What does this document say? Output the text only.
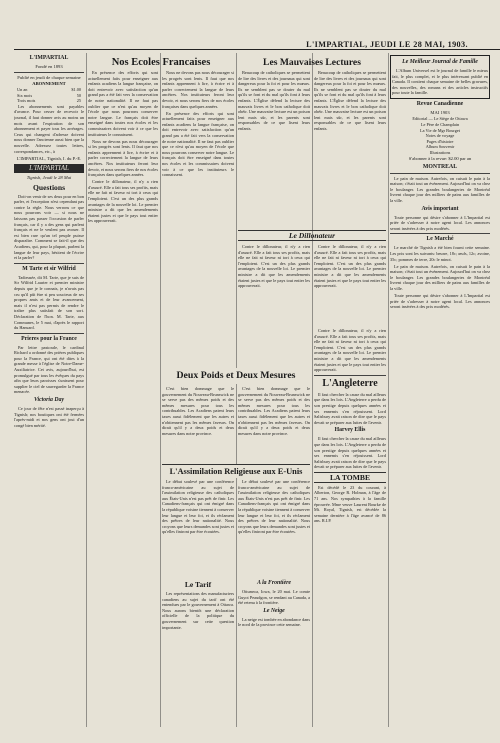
L'IMPARTIAL, JEUDI LE 28 MAI, 1903.
L'IMPARTIAL
Fondé en 1893
Publié en jeudi de chaque semaine
ABONNEMENT
Un an	$1.00
Six mois	50
Trois mois	25

Les abonnements sont payables d'avance. Pour cesser de recevoir le journal, il faut donner avis au moins un mois avant l'expiration de son abonnement et payer tous les arrérages. Ceux qui changent d'adresse doivent nous donner l'ancienne aussi bien que la nouvelle. Adressez toutes lettres, correspondances, etc., à

L'IMPARTIAL, Tignish, I. du P.-E.
L'IMPARTIAL
Tignish, Jeudi le 28 Mai
Questions

Doit-on venir de ses deux pour en bon parler, et l'exception n'est cependant pas contre la règle. Nous verrons ce que nous pourrons voir — si nous ne laissons pas passer l'occasion de parler français, car il y a des gens qui parlent français et ne le veulent pas avouer. Il est bien rare qu'un tel peuple puisse disparaître. Comment se fait-il que des Acadiens, qui, pour la plupart, parlent la langue de leur pays, hésitent de l'écrire et la parler?

M Tarte et sir Wilfrid

Tadieusée, dit M. Tarte, que je suis de Sir Wilfrid Laurier et premier ministre depuis que je le connais, je n'avais pas cru qu'il pût être si peu soucieux de ses propres amis et de leur avancement, mais il n'est pas permis de rendre le traître plus satisfait de son sort. Déclaration de l'hon. M. Tarte, aux Communes, le 5 mai, d'après le rapport du Hansard.

Prieres pour la France

Par lettre pastorale, le cardinal Richard a ordonné des prières publiques pour la France, qui ont été dites à la grande messe à l'église de Notre-Dame-Auxiliatrice. Cet avis, aujourd'hui, est promulgué par tous les évêques du pays afin que leurs paroisses s'unissent pour supplier le ciel de sauvegarder la France menacée.

Victoria Day

Ce jour de fête n'est passé inaperçu à Tignish; nos boutiques ont été fermées l'après-midi et nos gens ont joui d'un congé bien mérité.

Nos Ecoles Francaises

En présence des efforts qui sont actuellement faits pour enseigner aux enfants acadiens la langue française, on doit entrevoir avec satisfaction qu'un grand pas a été fait vers la conservation de notre nationalité. Il ne faut pas oublier que ce n'est qu'au moyen de l'école que nous pourrons conserver notre langue. Le français doit être enseigné dans toutes nos écoles et les commissaires doivent voir à ce que les instituteurs le connaissent.

Nous ne devons pas nous décourager si les progrès sont lents. Il faut que nos enfants apprennent à lire, à écrire et à parler correctement la langue de leurs ancêtres. Nos instituteurs feront leur devoir, et nous serons fiers de nos écoles françaises dans quelques années.

Contre le dillonateur, il n'y a rien d'assuré. Elle a fait tous ses profits, mais elle ne fait ni faveur ni tort à ceux qui l'emploient. C'est un des plus grands avantages de la nouvelle loi. Le premier ministre a dit que les amendements étaient justes et que le pays tout entier les approuverait.

Nous ne devons pas nous décourager si les progrès sont lents. Il faut que nos enfants apprennent à lire, à écrire et à parler correctement la langue de leurs ancêtres. Nos instituteurs feront leur devoir, et nous serons fiers de nos écoles françaises dans quelques années.

En présence des efforts qui sont actuellement faits pour enseigner aux enfants acadiens la langue française, on doit entrevoir avec satisfaction qu'un grand pas a été fait vers la conservation de notre nationalité. Il ne faut pas oublier que ce n'est qu'au moyen de l'école que nous pourrons conserver notre langue. Le français doit être enseigné dans toutes nos écoles et les commissaires doivent voir à ce que les instituteurs le connaissent.

Les Mauvaises Lectures

Beaucoup de catholiques se permettent de lire des livres et des journaux qui sont dangereux pour la foi et pour les mœurs. Ils ne semblent pas se douter du mal qu'ils se font et du mal qu'ils font à leurs enfants. L'Église défend la lecture des mauvais livres et le bon catholique doit obéir. Une mauvaise lecture est un poison lent mais sûr, et les parents sont responsables de ce que lisent leurs enfants.

Beaucoup de catholiques se permettent de lire des livres et des journaux qui sont dangereux pour la foi et pour les mœurs. Ils ne semblent pas se douter du mal qu'ils se font et du mal qu'ils font à leurs enfants. L'Église défend la lecture des mauvais livres et le bon catholique doit obéir. Une mauvaise lecture est un poison lent mais sûr, et les parents sont responsables de ce que lisent leurs enfants.

Le Dillonateur

Contre le dillonateur, il n'y a rien d'assuré. Elle a fait tous ses profits, mais elle ne fait ni faveur ni tort à ceux qui l'emploient. C'est un des plus grands avantages de la nouvelle loi. Le premier ministre a dit que les amendements étaient justes et que le pays tout entier les approuverait.

Contre le dillonateur, il n'y a rien d'assuré. Elle a fait tous ses profits, mais elle ne fait ni faveur ni tort à ceux qui l'emploient. C'est un des plus grands avantages de la nouvelle loi. Le premier ministre a dit que les amendements étaient justes et que le pays tout entier les approuverait.

Deux Poids et Deux Mesures

C'est bien dommage que le gouvernement du Nouveau-Brunswick ne se serve pas des mêmes poids et des mêmes mesures pour tous les contribuables. Les Acadiens paient leurs taxes aussi fidèlement que les autres et n'obtiennent pas les mêmes faveurs. On dirait qu'il y a deux poids et deux mesures dans notre province.

C'est bien dommage que le gouvernement du Nouveau-Brunswick ne se serve pas des mêmes poids et des mêmes mesures pour tous les contribuables. Les Acadiens paient leurs taxes aussi fidèlement que les autres et n'obtiennent pas les mêmes faveurs. On dirait qu'il y a deux poids et deux mesures dans notre province.

L'Assimilation Religieuse aux E-Unis

Le débat soulevé par une conférence franco-américaine au sujet de l'assimilation religieuse des catholiques aux États-Unis n'est pas prêt de finir. Les Canadiens-français qui ont émigré dans la république voisine tiennent à conserver leur langue et leur foi, et ils réclament des prêtres de leur nationalité. Nous croyons que leurs demandes sont justes et qu'elles finiront par être écoutées.

Le débat soulevé par une conférence franco-américaine au sujet de l'assimilation religieuse des catholiques aux États-Unis n'est pas prêt de finir. Les Canadiens-français qui ont émigré dans la république voisine tiennent à conserver leur langue et leur foi, et ils réclament des prêtres de leur nationalité. Nous croyons que leurs demandes sont justes et qu'elles finiront par être écoutées.

Le Tarif

Les représentations des manufacturiers canadiens au sujet du tarif ont été entendues par le gouvernement à Ottawa. Nous aurons bientôt une déclaration officielle de la politique du gouvernement sur cette question importante.

A la Frontière

Ottumwa, Iowa, le 20 mai. Le comte Guyot Peaudgon, se rendant au Canada, a été retenu à la frontière.

Le Neige

La neige est tombée en abondance dans le nord de la province cette semaine.

Contre le dillonateur, il n'y a rien d'assuré. Elle a fait tous ses profits, mais elle ne fait ni faveur ni tort à ceux qui l'emploient. C'est un des plus grands avantages de la nouvelle loi. Le premier ministre a dit que les amendements étaient justes et que le pays tout entier les approuverait.

L'Angleterre

Il faut chercher la cause du mal ailleurs que dans les lois. L'Angleterre a perdu de son prestige depuis quelques années et ses ennemis s'en réjouissent. Lord Salisbury avait raison de dire que le pays devait se préparer aux luttes de l'avenir.

Harvey Ellis

Il faut chercher la cause du mal ailleurs que dans les lois. L'Angleterre a perdu de son prestige depuis quelques années et ses ennemis s'en réjouissent. Lord Salisbury avait raison de dire que le pays devait se préparer aux luttes de l'avenir.

LA TOMBE

Est décédé le 23 du courant, à Alberton, George R. Holman, à l'âge de 71 ans. Nos sympathies à la famille éprouvée. Mme veuve Laurent Bourke de Mt. Royal, Tignish, est décédée la semaine dernière à l'âge avancé de 86 ans. R.I.P.

Le Meilleur Journal de Famille

L'Album Universel est le journal de famille le mieux fait, le plus complet, et le plus intéressant publié en Canada. Il contient chaque semaine de belles gravures, des nouvelles, des romans et des articles instructifs pour toute la famille.

Revue Canadienne
MAI 1903
Editorial — Le Siège de Ottawa
Le Père de Champlain
La Vie de Mgr Bourget
Notes de voyage
Pages d'histoire
Album Souvenir
Illustrations
S'abonner à la revue: $2.00 par an
MONTREAL

Le pain de maison. Autrefois, on cuisait le pain à la maison; c'était tout un événement. Aujourd'hui on va chez le boulanger. Les grandes boulangeries de Montréal livrent chaque jour des milliers de pains aux familles de la ville.

Avis important

Toute personne qui désire s'abonner à L'Impartial est priée de s'adresser à notre agent local. Les annonces seront insérées à des prix modérés.

Le Marché

Le marché de Tignish a été bien fourni cette semaine. Les prix sont les suivants: beurre, 18c; œufs, 12c; avoine, 35c; pommes de terre, 20c le minot.

Le pain de maison. Autrefois, on cuisait le pain à la maison; c'était tout un événement. Aujourd'hui on va chez le boulanger. Les grandes boulangeries de Montréal livrent chaque jour des milliers de pains aux familles de la ville.

Toute personne qui désire s'abonner à L'Impartial est priée de s'adresser à notre agent local. Les annonces seront insérées à des prix modérés.
